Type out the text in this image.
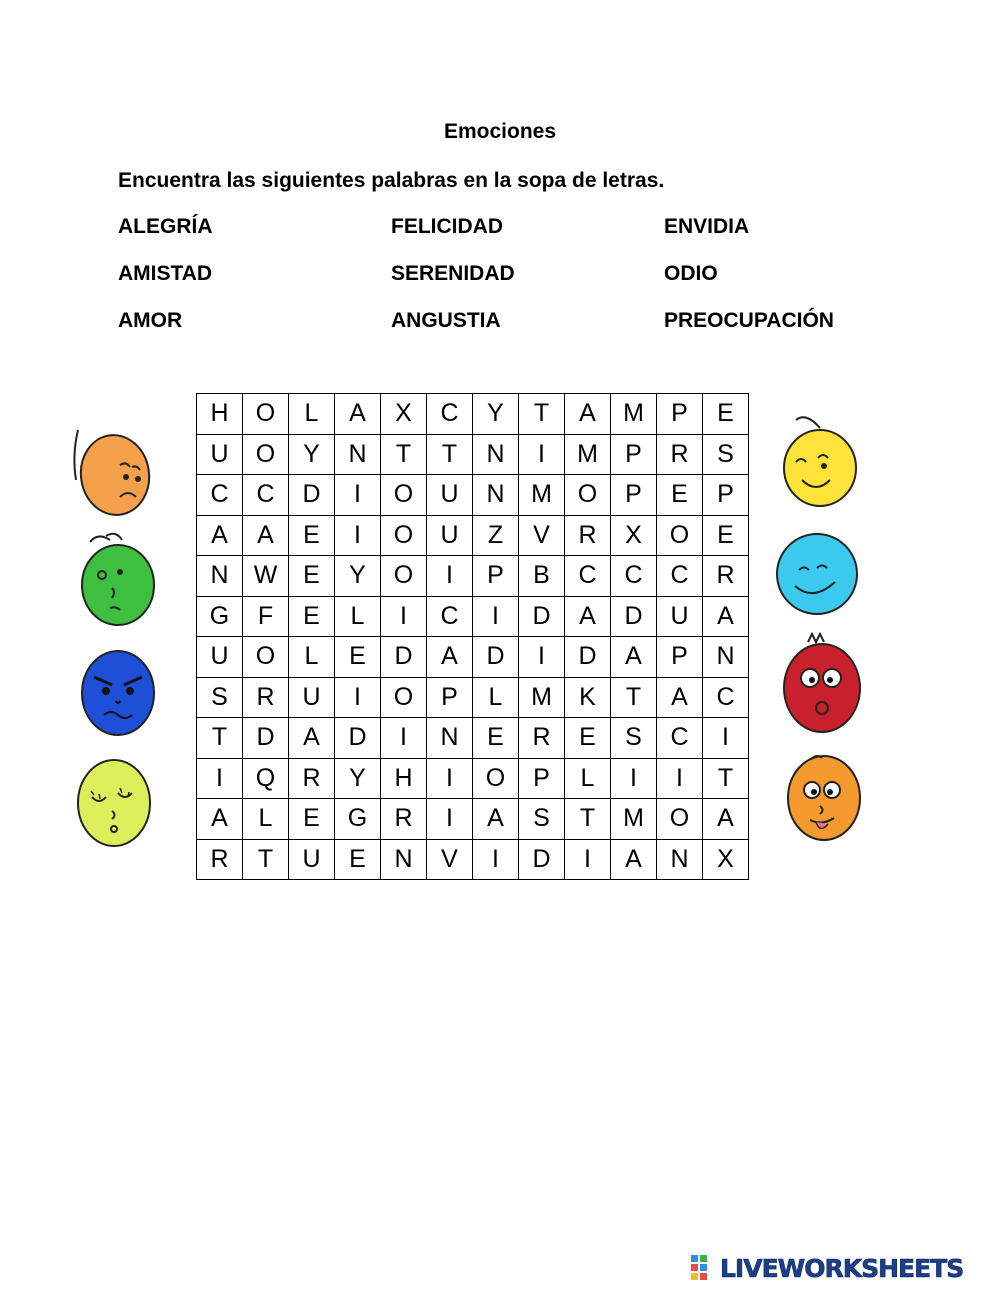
Emociones
Encuentra las siguientes palabras en la sopa de letras.
ALEGRÍA	FELICIDAD	ENVIDIA
AMISTAD	SERENIDAD	ODIO
AMOR	ANGUSTIA	PREOCUPACIÓN
H	O	L	A	X	C	Y	T	A	M	P	E
U	O	Y	N	T	T	N	I	M	P	R	S
C	C	D	I	O	U	N	M	O	P	E	P
A	A	E	I	O	U	Z	V	R	X	O	E
N	W	E	Y	O	I	P	B	C	C	C	R
G	F	E	L	I	C	I	D	A	D	U	A
U	O	L	E	D	A	D	I	D	A	P	N
S	R	U	I	O	P	L	M	K	T	A	C
T	D	A	D	I	N	E	R	E	S	C	I
I	Q	R	Y	H	I	O	P	L	I	I	T
A	L	E	G	R	I	A	S	T	M	O	A
R	T	U	E	N	V	I	D	I	A	N	X
LIVEWORKSHEETS
